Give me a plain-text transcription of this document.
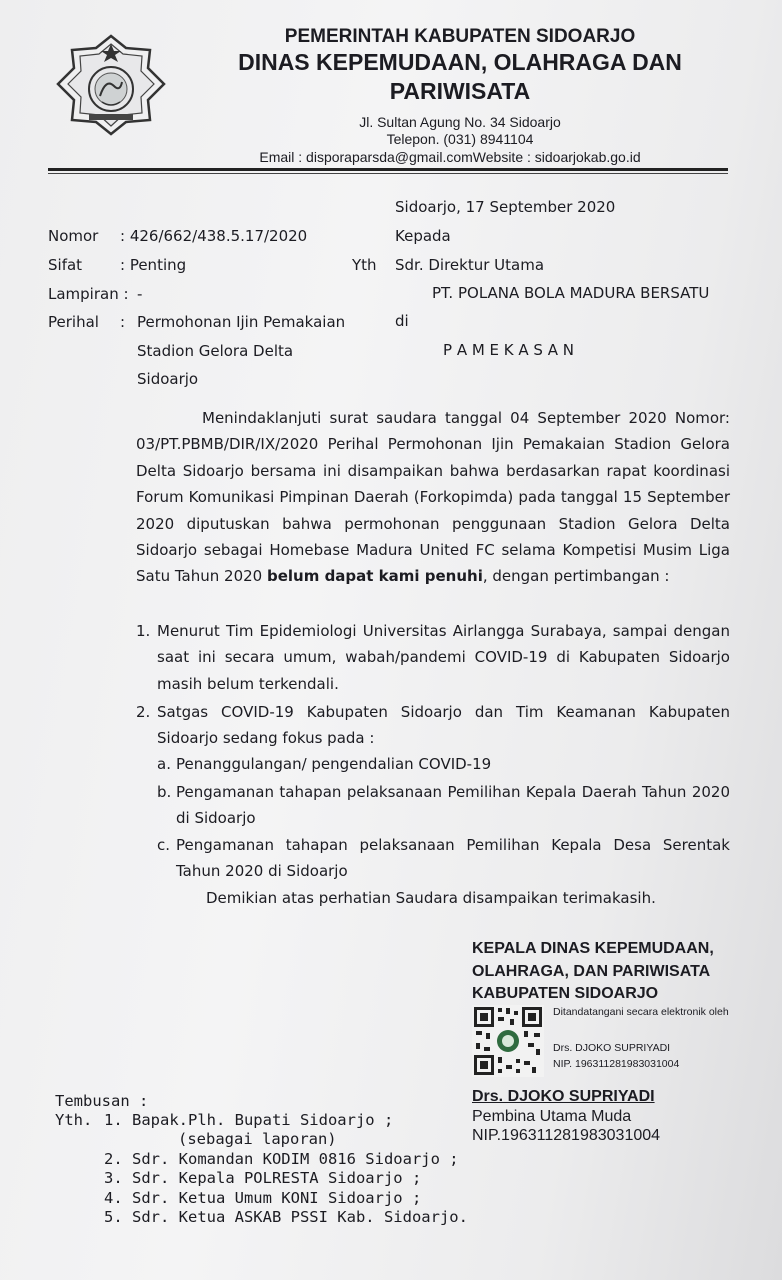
PEMERINTAH KABUPATEN SIDOARJO
DINAS KEPEMUDAAN, OLAHRAGA DAN
PARIWISATA
Jl. Sultan Agung No. 34 Sidoarjo
Telepon. (031) 8941104
Email : disporaparsda@gmail.comWebsite : sidoarjokab.go.id
Sidoarjo, 17 September 2020
Nomor : 426/662/438.5.17/2020	Kepada
Sifat	: Penting	Yth Sdr. Direktur Utama
Lampiran : -	PT. POLANA BOLA MADURA BERSATU
Perihal : Permohonan Ijin Pemakaian	di
Stadion Gelora Delta	P A M E K A S A N
Sidoarjo

Menindaklanjuti surat saudara tanggal 04 September 2020 Nomor: 03/PT.PBMB/DIR/IX/2020 Perihal Permohonan Ijin Pemakaian Stadion Gelora Delta Sidoarjo bersama ini disampaikan bahwa berdasarkan rapat koordinasi Forum Komunikasi Pimpinan Daerah (Forkopimda) pada tanggal 15 September 2020 diputuskan bahwa permohonan penggunaan Stadion Gelora Delta Sidoarjo sebagai Homebase Madura United FC selama Kompetisi Musim Liga Satu Tahun 2020 belum dapat kami penuhi, dengan pertimbangan :

1. Menurut Tim Epidemiologi Universitas Airlangga Surabaya, sampai dengan saat ini secara umum, wabah/pandemi COVID-19 di Kabupaten Sidoarjo masih belum terkendali.

2. Satgas COVID-19 Kabupaten Sidoarjo dan Tim Keamanan Kabupaten Sidoarjo sedang fokus pada :

a. Penanggulangan/ pengendalian COVID-19

b. Pengamanan tahapan pelaksanaan Pemilihan Kepala Daerah Tahun 2020 di Sidoarjo

c. Pengamanan tahapan pelaksanaan Pemilihan Kepala Desa Serentak Tahun 2020 di Sidoarjo

Demikian atas perhatian Saudara disampaikan terimakasih.
KEPALA DINAS KEPEMUDAAN,
OLAHRAGA, DAN PARIWISATA
KABUPATEN SIDOARJO
Ditandatangani secara elektronik oleh
Drs. DJOKO SUPRIYADI
NIP. 196311281983031004
Drs. DJOKO SUPRIYADI
Pembina Utama Muda
NIP.196311281983031004
Tembusan :
Yth. 1. Bapak.Plh. Bupati Sidoarjo ;
(sebagai laporan)
2. Sdr. Komandan KODIM 0816 Sidoarjo ;
3. Sdr. Kepala POLRESTA Sidoarjo ;
4. Sdr. Ketua Umum KONI Sidoarjo ;
5. Sdr. Ketua ASKAB PSSI Kab. Sidoarjo.
